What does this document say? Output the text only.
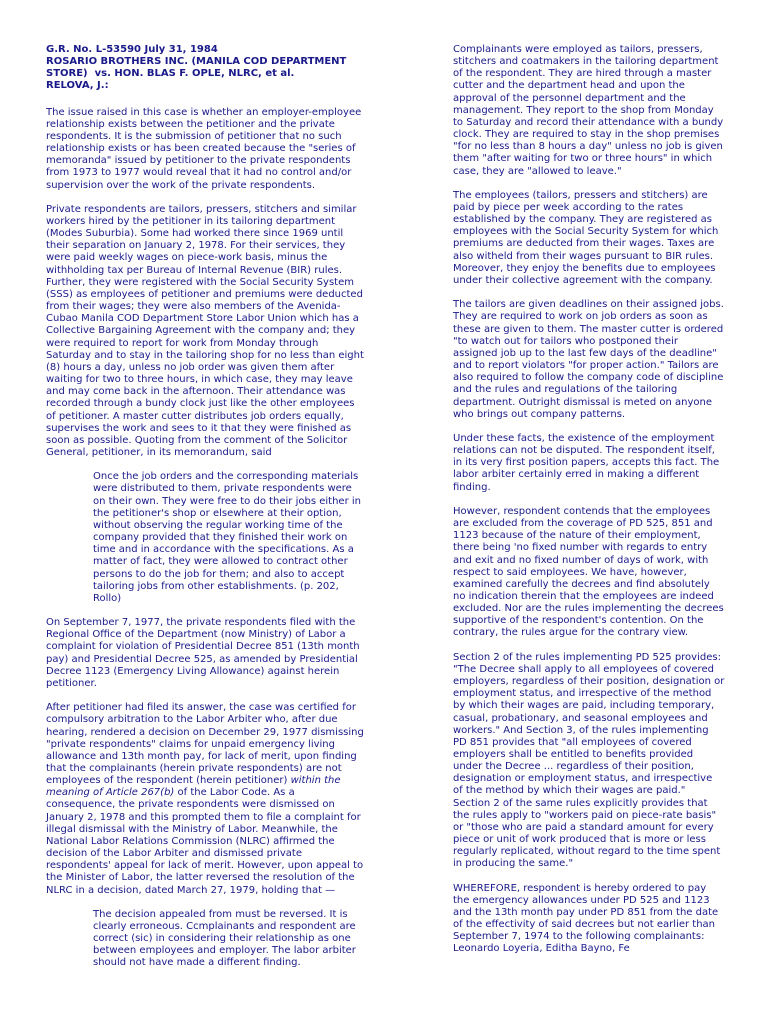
G.R. No. L-53590 July 31, 1984
ROSARIO BROTHERS INC. (MANILA COD DEPARTMENT
STORE) vs. HON. BLAS F. OPLE, NLRC, et al.
RELOVA, J.:

The issue raised in this case is whether an employer-employee relationship exists between the petitioner and the private respondents. It is the submission of petitioner that no such relationship exists or has been created because the "series of memoranda" issued by petitioner to the private respondents from 1973 to 1977 would reveal that it had no control and/or supervision over the work of the private respondents.

Private respondents are tailors, pressers, stitchers and similar workers hired by the petitioner in its tailoring department (Modes Suburbia). Some had worked there since 1969 until their separation on January 2, 1978. For their services, they were paid weekly wages on piece-work basis, minus the withholding tax per Bureau of Internal Revenue (BIR) rules. Further, they were registered with the Social Security System (SSS) as employees of petitioner and premiums were deducted from their wages; they were also members of the Avenida-Cubao Manila COD Department Store Labor Union which has a Collective Bargaining Agreement with the company and; they were required to report for work from Monday through Saturday and to stay in the tailoring shop for no less than eight (8) hours a day, unless no job order was given them after waiting for two to three hours, in which case, they may leave and may come back in the afternoon. Their attendance was recorded through a bundy clock just like the other employees of petitioner. A master cutter distributes job orders equally, supervises the work and sees to it that they were finished as soon as possible. Quoting from the comment of the Solicitor General, petitioner, in its memorandum, said

Once the job orders and the corresponding materials were distributed to them, private respondents were on their own. They were free to do their jobs either in the petitioner's shop or elsewhere at their option, without observing the regular working time of the company provided that they finished their work on time and in accordance with the specifications. As a matter of fact, they were allowed to contract other persons to do the job for them; and also to accept tailoring jobs from other establishments. (p. 202, Rollo)

On September 7, 1977, the private respondents filed with the Regional Office of the Department (now Ministry) of Labor a complaint for violation of Presidential Decree 851 (13th month pay) and Presidential Decree 525, as amended by Presidential Decree 1123 (Emergency Living Allowance) against herein petitioner.

After petitioner had filed its answer, the case was certified for compulsory arbitration to the Labor Arbiter who, after due hearing, rendered a decision on December 29, 1977 dismissing "private respondents" claims for unpaid emergency living allowance and 13th month pay, for lack of merit, upon finding that the complainants (herein private respondents) are not employees of the respondent (herein petitioner) within the meaning of Article 267(b) of the Labor Code. As a consequence, the private respondents were dismissed on January 2, 1978 and this prompted them to file a complaint for illegal dismissal with the Ministry of Labor. Meanwhile, the National Labor Relations Commission (NLRC) affirmed the decision of the Labor Arbiter and dismissed private respondents' appeal for lack of merit. However, upon appeal to the Minister of Labor, the latter reversed the resolution of the NLRC in a decision, dated March 27, 1979, holding that —

The decision appealed from must be reversed. It is clearly erroneous. Ccmplainants and respondent are correct (sic) in considering their relationship as one between employees and employer. The labor arbiter should not have made a different finding.

Complainants were employed as tailors, pressers, stitchers and coatmakers in the tailoring department of the respondent. They are hired through a master cutter and the department head and upon the approval of the personnel department and the management. They report to the shop from Monday to Saturday and record their attendance with a bundy clock. They are required to stay in the shop premises "for no less than 8 hours a day" unless no job is given them "after waiting for two or three hours" in which case, they are "allowed to leave."

The employees (tailors, pressers and stitchers) are paid by piece per week according to the rates established by the company. They are registered as employees with the Social Security System for which premiums are deducted from their wages. Taxes are also witheld from their wages pursuant to BIR rules. Moreover, they enjoy the benefits due to employees under their collective agreement with the company.

The tailors are given deadlines on their assigned jobs. They are required to work on job orders as soon as these are given to them. The master cutter is ordered "to watch out for tailors who postponed their assigned job up to the last few days of the deadline" and to report violators "for proper action." Tailors are also required to follow the company code of discipline and the rules and regulations of the tailoring department. Outright dismissal is meted on anyone who brings out company patterns.

Under these facts, the existence of the employment relations can not be disputed. The respondent itself, in its very first position papers, accepts this fact. The labor arbiter certainly erred in making a different finding.

However, respondent contends that the employees are excluded from the coverage of PD 525, 851 and 1123 because of the nature of their employment, there being 'no fixed number with regards to entry and exit and no fixed number of days of work, with respect to said employees. We have, however, examined carefully the decrees and find absolutely no indication therein that the employees are indeed excluded. Nor are the rules implementing the decrees supportive of the respondent's contention. On the contrary, the rules argue for the contrary view.

Section 2 of the rules implementing PD 525 provides: "The Decree shall apply to all employees of covered employers, regardless of their position, designation or employment status, and irrespective of the method by which their wages are paid, including temporary, casual, probationary, and seasonal employees and workers." And Section 3, of the rules implementing PD 851 provides that "all employees of covered employers shall be entitled to benefits provided under the Decree ... regardless of their position, designation or employment status, and irrespective of the method by which their wages are paid." Section 2 of the same rules explicitly provides that the rules apply to "workers paid on piece-rate basis" or "those who are paid a standard amount for every piece or unit of work produced that is more or less regularly replicated, without regard to the time spent in producing the same."

WHEREFORE, respondent is hereby ordered to pay the emergency allowances under PD 525 and 1123 and the 13th month pay under PD 851 from the date of the effectivity of said decrees but not earlier than September 7, 1974 to the following complainants: Leonardo Loyeria, Editha Bayno, Fe
